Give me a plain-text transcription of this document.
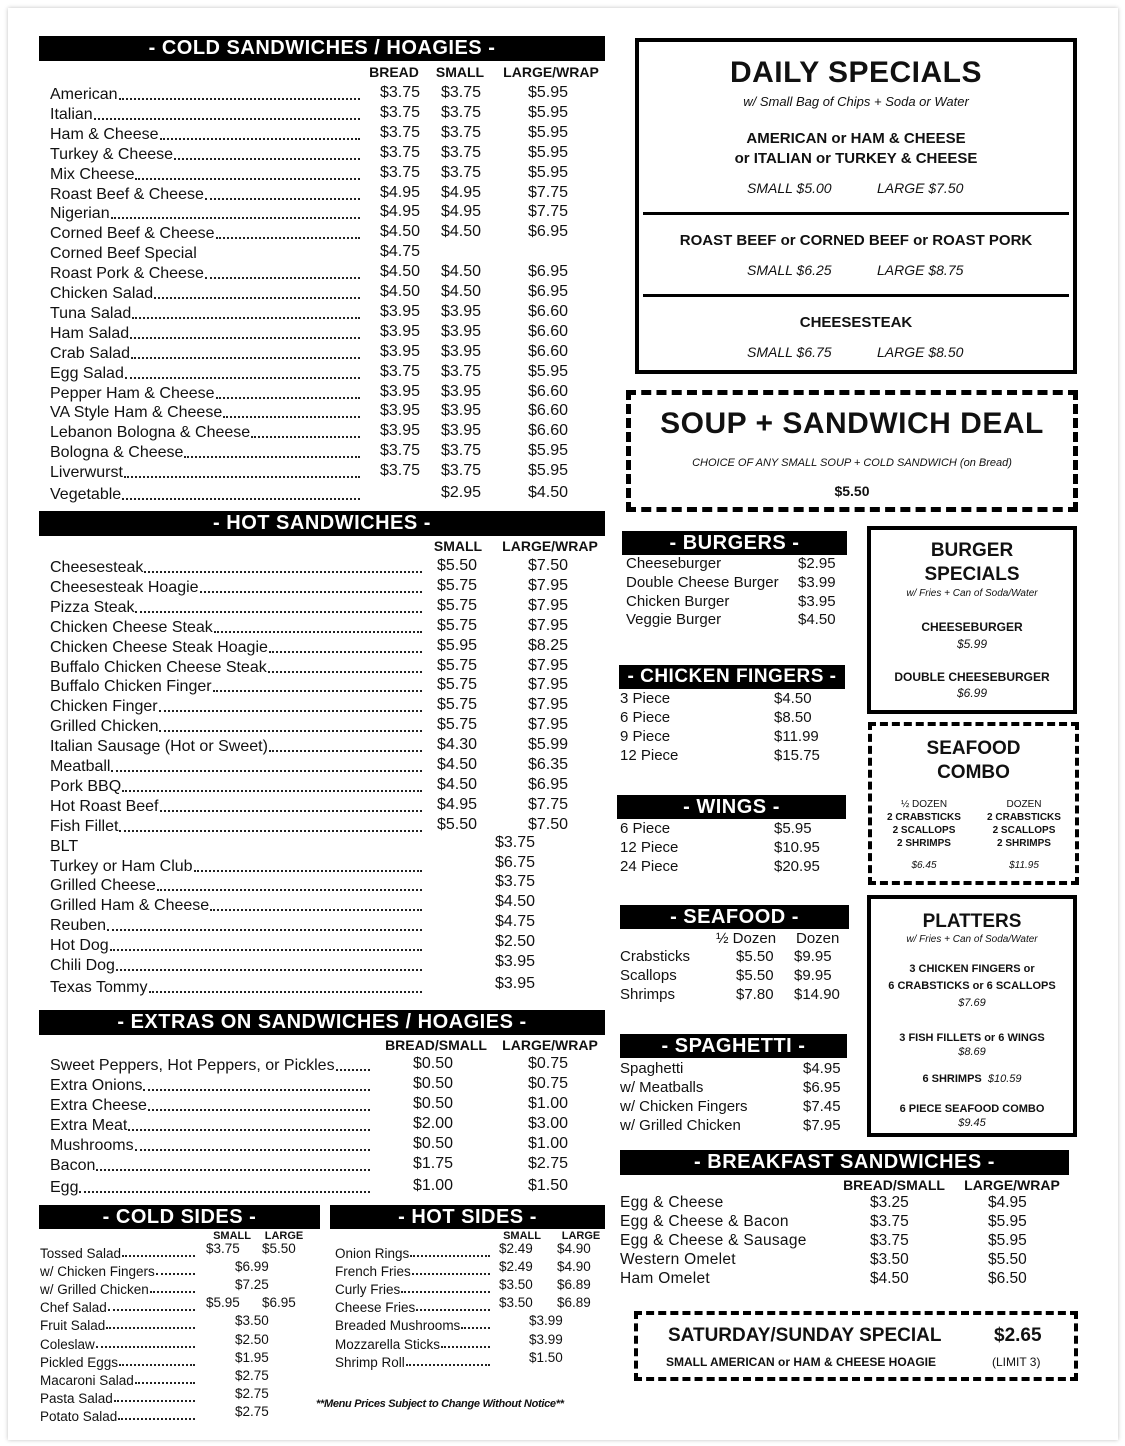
- COLD SANDWICHES / HOAGIES -
American	$3.75 $3.75	$5.95
Italian	$3.75 $3.75	$5.95
Ham & Cheese	$3.75 $3.75	$5.95
Turkey & Cheese	$3.75 $3.75	$5.95
Mix Cheese	$3.75 $3.75	$5.95
Roast Beef & Cheese	$4.95 $4.95	$7.75
Nigerian	$4.95 $4.95	$7.75
Corned Beef & Cheese	$4.50 $4.50	$6.95
Corned Beef Special	$4.75
Roast Pork & Cheese	$4.50 $4.50	$6.95
Chicken Salad	$4.50 $4.50	$6.95
Tuna Salad	$3.95 $3.95	$6.60
Ham Salad	$3.95 $3.95	$6.60
Crab Salad	$3.95 $3.95	$6.60
Egg Salad	$3.75 $3.75	$5.95
Pepper Ham & Cheese	$3.95 $3.95	$6.60
VA Style Ham & Cheese	$3.95 $3.95	$6.60
Lebanon Bologna & Cheese	$3.95 $3.95	$6.60
Bologna & Cheese	$3.75 $3.75	$5.95
Liverwurst	$3.75 $3.75	$5.95
Vegetable	$2.95	$4.50
- HOT SANDWICHES -
Cheesesteak	$5.50	$7.50
Cheesesteak Hoagie	$5.75	$7.95
Pizza Steak	$5.75	$7.95
Chicken Cheese Steak	$5.75	$7.95
Chicken Cheese Steak Hoagie	$5.95	$8.25
Buffalo Chicken Cheese Steak	$5.75	$7.95
Buffalo Chicken Finger	$5.75	$7.95
Chicken Finger	$5.75	$7.95
Grilled Chicken	$5.75	$7.95
Italian Sausage (Hot or Sweet)	$4.30	$5.99
Meatball	$4.50	$6.35
Pork BBQ	$4.50	$6.95
Hot Roast Beef	$4.95	$7.75
Fish Fillet	$5.50	$7.50
BLT	$3.75
Turkey or Ham Club	$6.75
Grilled Cheese	$3.75
Grilled Ham & Cheese	$4.50
Reuben	$4.75
Hot Dog	$2.50
Chili Dog	$3.95
Texas Tommy	$3.95
- EXTRAS ON SANDWICHES / HOAGIES -
Sweet Peppers, Hot Peppers, or Pickles	$0.50	$0.75
Extra Onions	$0.50	$0.75
Extra Cheese	$0.50	$1.00
Extra Meat	$2.00	$3.00
Mushrooms	$0.50	$1.00
Bacon	$1.75	$2.75
Egg	$1.00	$1.50
- COLD SIDES -	- HOT SIDES -
Tossed Salad	$3.75 $5.50
w/ Chicken Fingers	$6.99
w/ Grilled Chicken	$7.25
Chef Salad	$5.95 $6.95
Fruit Salad	$3.50
Coleslaw	$2.50
Pickled Eggs	$1.95
Macaroni Salad	$2.75
Pasta Salad	$2.75
Potato Salad	$2.75
Onion Rings	$2.49 $4.90
French Fries	$2.49 $4.90
Curly Fries	$3.50 $6.89
Cheese Fries	$3.50 $6.89
Breaded Mushrooms	$3.99
Mozzarella Sticks	$3.99
Shrimp Roll	$1.50
**Menu Prices Subject to Change Without Notice**
DAILY SPECIALS
w/ Small Bag of Chips + Soda or Water
AMERICAN or HAM & CHEESE
or ITALIAN or TURKEY & CHEESE
SMALL $5.00	LARGE $7.50
ROAST BEEF or CORNED BEEF or ROAST PORK
SMALL $6.25	LARGE $8.75
CHEESESTEAK
SMALL $6.75	LARGE $8.50
SOUP + SANDWICH DEAL
CHOICE OF ANY SMALL SOUP + COLD SANDWICH (on Bread)
$5.50
- BURGERS -
Cheeseburger	$2.95
Double Cheese Burger $3.99
Chicken Burger	$3.95
Veggie Burger	$4.50
BURGER
SPECIALS
w/ Fries + Can of Soda/Water
CHEESEBURGER
$5.99
DOUBLE CHEESEBURGER
$6.99
- CHICKEN FINGERS -
3 Piece	$4.50
6 Piece	$8.50
9 Piece	$11.99
12 Piece	$15.75
- WINGS -
6 Piece	$5.95
12 Piece	$10.95
24 Piece	$20.95
SEAFOOD
COMBO
½ DOZEN
2 CRABSTICKS
2 SCALLOPS
2 SHRIMPS
$6.45
DOZEN
2 CRABSTICKS
2 SCALLOPS
2 SHRIMPS
$11.95
- SEAFOOD -
½ Dozen Dozen
Crabsticks	$5.50 $9.95
Scallops	$5.50 $9.95
Shrimps	$7.80 $14.90
PLATTERS
w/ Fries + Can of Soda/Water
3 CHICKEN FINGERS or
6 CRABSTICKS or 6 SCALLOPS
$7.69
3 FISH FILLETS or 6 WINGS
$8.69
6 SHRIMPS $10.59
6 PIECE SEAFOOD COMBO
$9.45
- SPAGHETTI -
Spaghetti	$4.95
w/ Meatballs	$6.95
w/ Chicken Fingers	$7.45
w/ Grilled Chicken	$7.95
- BREAKFAST SANDWICHES -
Egg & Cheese	$3.25	$4.95
Egg & Cheese & Bacon	$3.75	$5.95
Egg & Cheese & Sausage	$3.75	$5.95
Western Omelet	$3.50	$5.50
Ham Omelet	$4.50	$6.50
SATURDAY/SUNDAY SPECIAL	$2.65
SMALL AMERICAN or HAM & CHEESE HOAGIE	(LIMIT 3)
